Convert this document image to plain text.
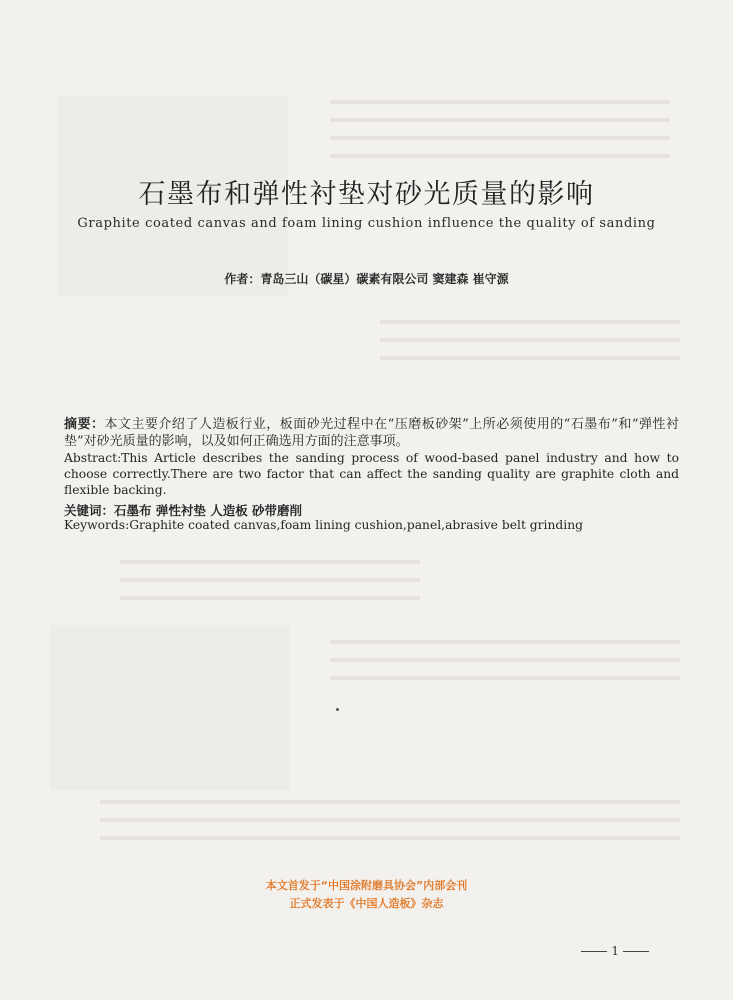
石墨布和弹性衬垫对砂光质量的影响
Graphite coated canvas and foam lining cushion influence the quality of sanding
作者：青岛三山（碳星）碳素有限公司 窦建森 崔守源
摘要：本文主要介绍了人造板行业，板面砂光过程中在“压磨板砂架”上所必须使用的“石墨布”和“弹性衬垫”对砂光质量的影响，以及如何正确选用方面的注意事项。
Abstract:This Article describes the sanding process of wood-based panel industry and how to choose correctly.There are two factor that can affect the sanding quality are graphite cloth and flexible backing.
关键词：石墨布 弹性衬垫 人造板 砂带磨削
Keywords:Graphite coated canvas,foam lining cushion,panel,abrasive belt grinding
本文首发于“中国涂附磨具协会”内部会刊
正式发表于《中国人造板》杂志
1
